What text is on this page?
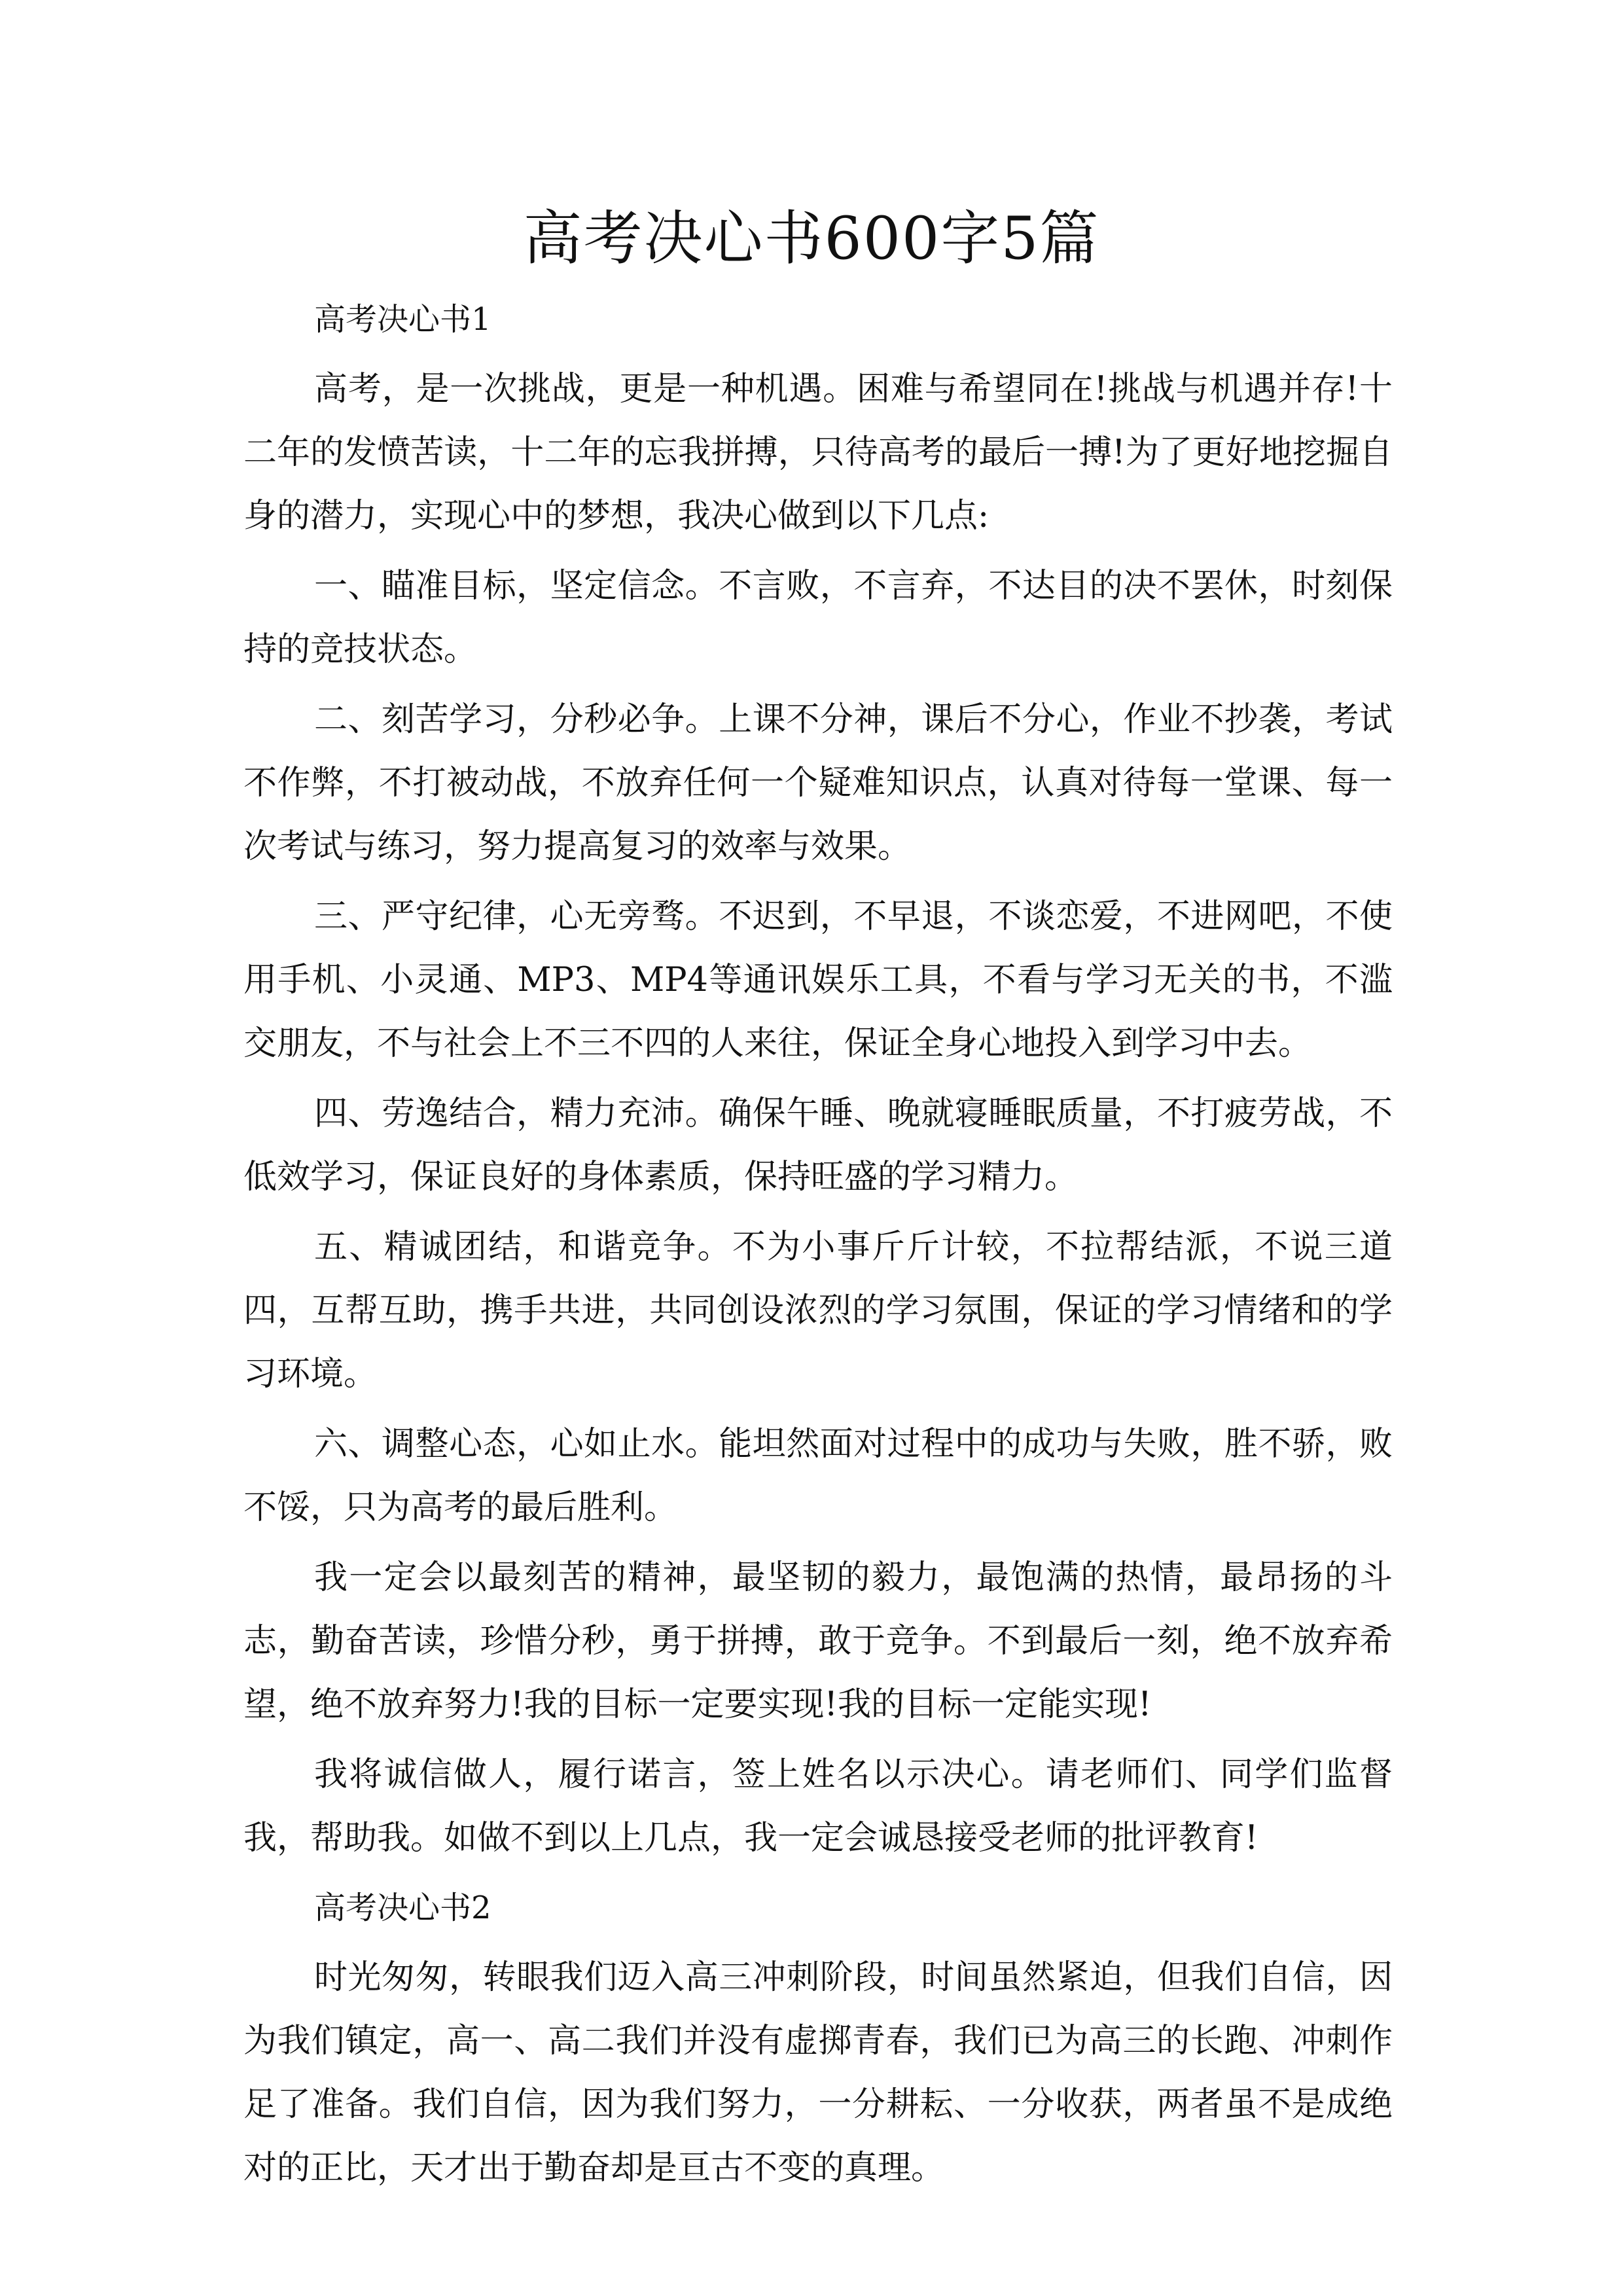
高考决心书600字5篇

高考决心书1

高考，是一次挑战，更是一种机遇。困难与希望同在!挑战与机遇并存!十二年的发愤苦读，十二年的忘我拼搏，只待高考的最后一搏!为了更好地挖掘自身的潜力，实现心中的梦想，我决心做到以下几点:

一、瞄准目标，坚定信念。不言败，不言弃，不达目的决不罢休，时刻保持的竞技状态。

二、刻苦学习，分秒必争。上课不分神，课后不分心，作业不抄袭，考试不作弊，不打被动战，不放弃任何一个疑难知识点，认真对待每一堂课、每一次考试与练习，努力提高复习的效率与效果。

三、严守纪律，心无旁骛。不迟到，不早退，不谈恋爱，不进网吧，不使用手机、小灵通、MP3、MP4等通讯娱乐工具，不看与学习无关的书，不滥交朋友，不与社会上不三不四的人来往，保证全身心地投入到学习中去。

四、劳逸结合，精力充沛。确保午睡、晚就寝睡眠质量，不打疲劳战，不低效学习，保证良好的身体素质，保持旺盛的学习精力。

五、精诚团结，和谐竞争。不为小事斤斤计较，不拉帮结派，不说三道四，互帮互助，携手共进，共同创设浓烈的学习氛围，保证的学习情绪和的学习环境。

六、调整心态，心如止水。能坦然面对过程中的成功与失败，胜不骄，败不馁，只为高考的最后胜利。

我一定会以最刻苦的精神，最坚韧的毅力，最饱满的热情，最昂扬的斗志，勤奋苦读，珍惜分秒，勇于拼搏，敢于竞争。不到最后一刻，绝不放弃希望，绝不放弃努力!我的目标一定要实现!我的目标一定能实现!

我将诚信做人，履行诺言，签上姓名以示决心。请老师们、同学们监督我，帮助我。如做不到以上几点，我一定会诚恳接受老师的批评教育!

高考决心书2

时光匆匆，转眼我们迈入高三冲刺阶段，时间虽然紧迫，但我们自信，因为我们镇定，高一、高二我们并没有虚掷青春，我们已为高三的长跑、冲刺作足了准备。我们自信，因为我们努力，一分耕耘、一分收获，两者虽不是成绝对的正比，天才出于勤奋却是亘古不变的真理。
